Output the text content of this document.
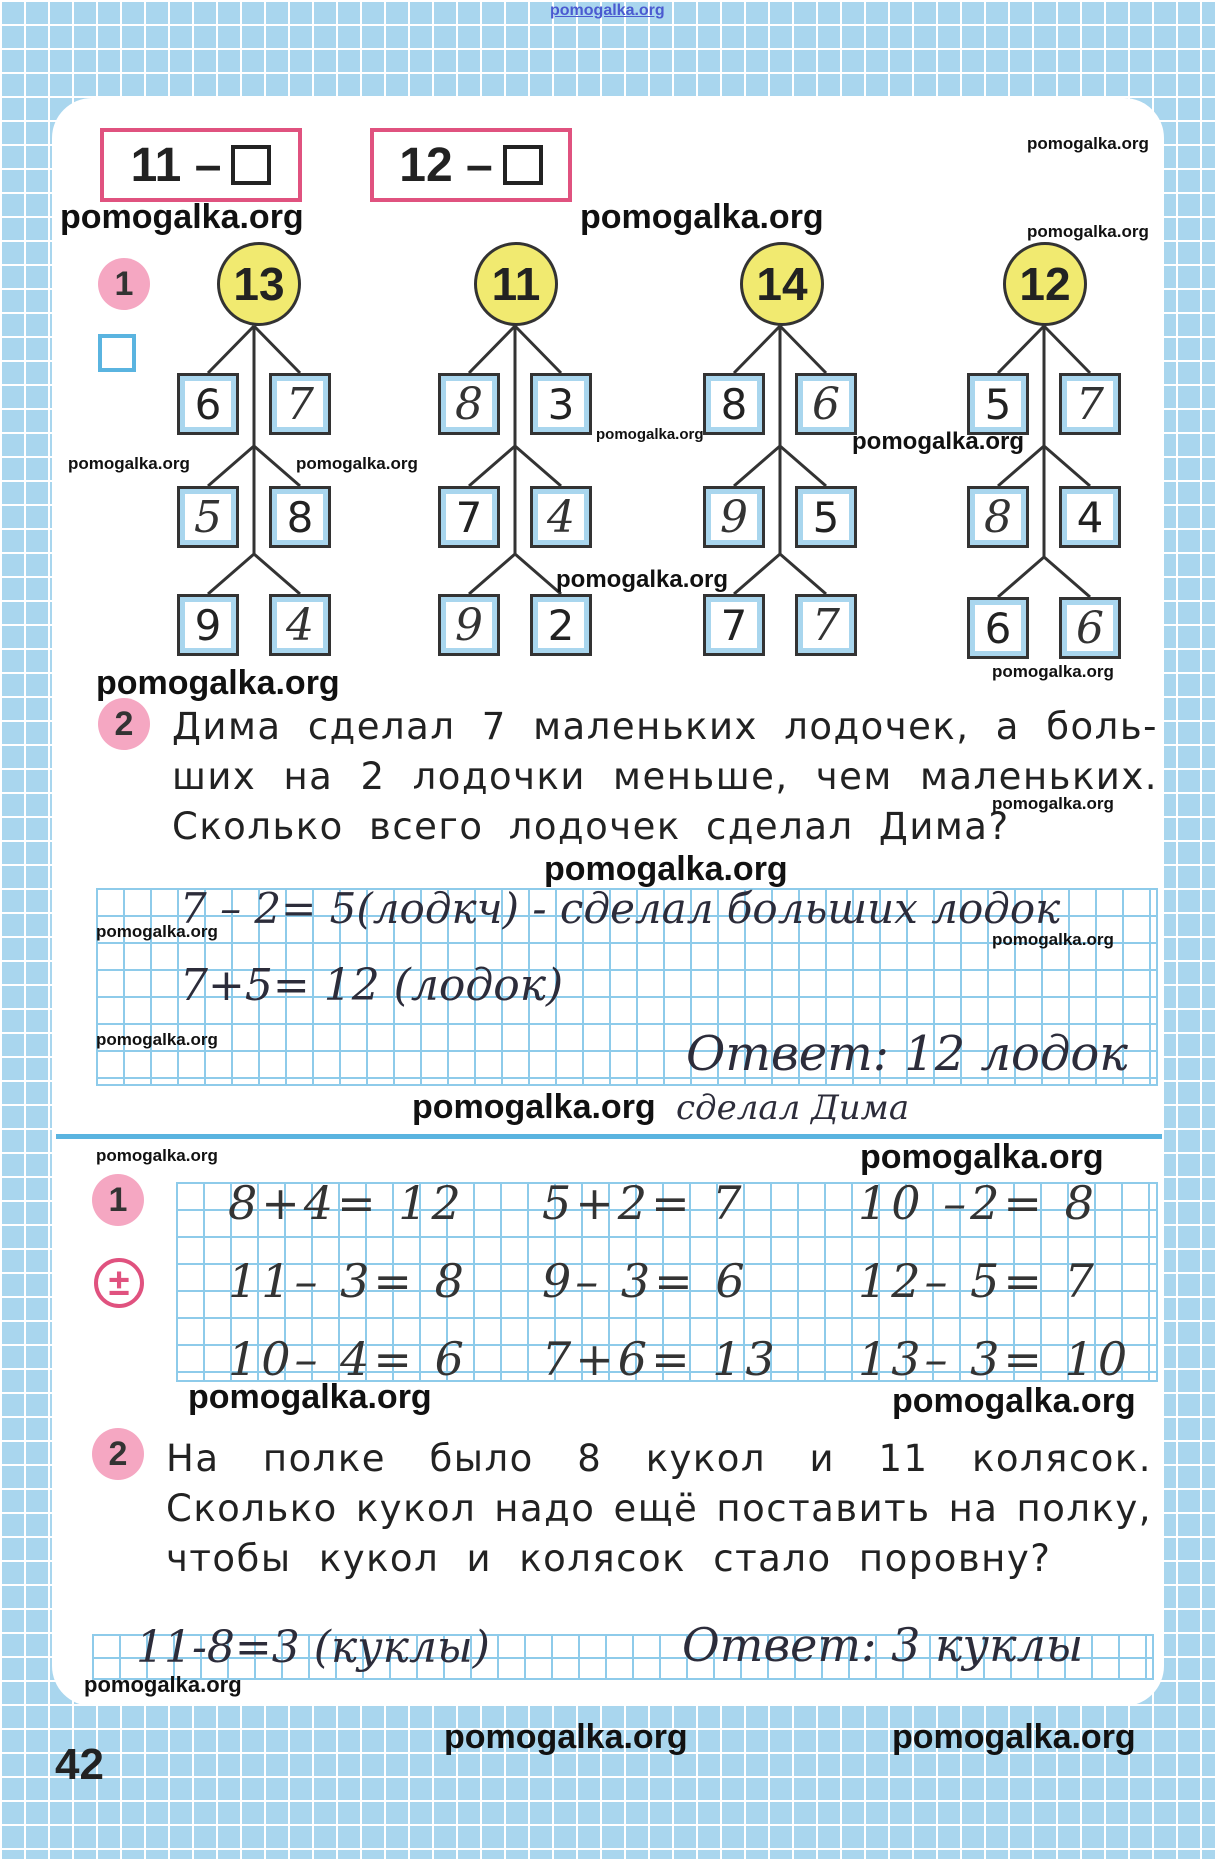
pomogalka.org
11 –	12 –
1	13
6 7
5 8
9 4
11
8 3
7 4
9 2
14
8 6
9 5
7 7
12
5 7
8 4
6 6
2	Дима сделал 7 маленьких лодочек, а боль-
ших на 2 лодочки меньше, чем маленьких.
Сколько всего лодочек сделал Дима?
7 – 2= 5(лодкч) - сделал больших лодок
7+5= 12 (лодок)
Ответ: 12 лодок
сделал Дима
1
±
8+4= 12 5+2= 7 10 –2= 8
11– 3= 8 9– 3= 6 12– 5= 7
10– 4= 6 7+6= 13 13– 3= 10
2	На полке было 8 кукол и 11 колясок.
Сколько кукол надо ещё поставить на полку,
чтобы кукол и колясок стало поровну?
11-8=3 (куклы)	Ответ: 3 куклы
42
pomogalka.org	pomogalka.org
pomogalka.org
pomogalka.org
pomogalka.org	pomogalka.org
pomogalka.org	pomogalka.org
pomogalka.org
pomogalka.org	pomogalka.org
pomogalka.org
pomogalka.org
pomogalka.org	pomogalka.org
pomogalka.org
pomogalka.org
pomogalka.org	pomogalka.org
pomogalka.org	pomogalka.org
pomogalka.org
pomogalka.org	pomogalka.org
